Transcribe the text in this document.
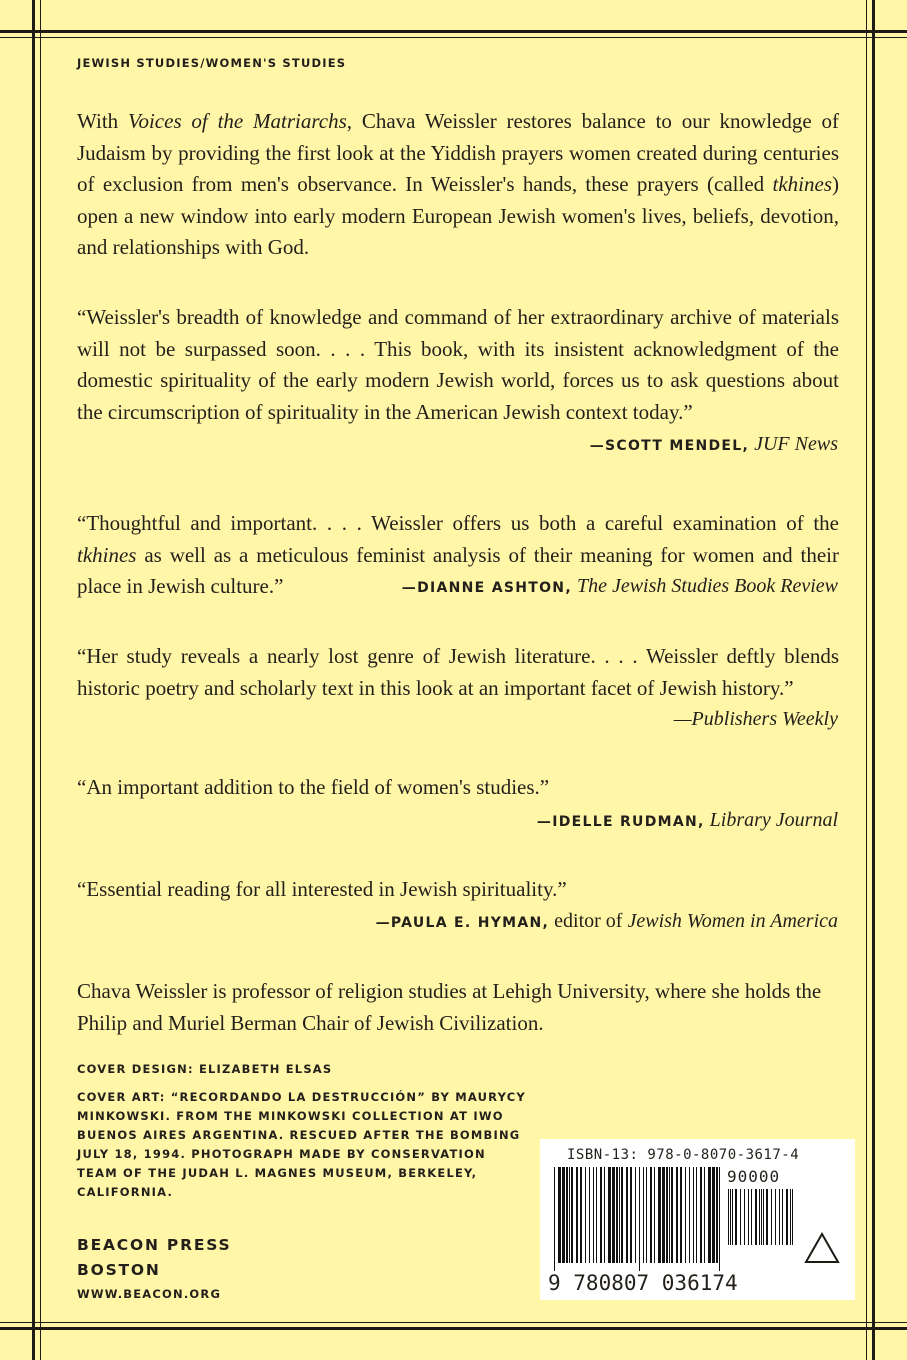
JEWISH STUDIES/WOMEN'S STUDIES

With Voices of the Matriarchs, Chava Weissler restores balance to our knowledge of Judaism by providing the first look at the Yiddish prayers women created during centuries of exclusion from men's observance. In Weissler's hands, these prayers (called tkhines) open a new window into early modern European Jewish women's lives, beliefs, devotion, and relationships with God.

“Weissler's breadth of knowledge and command of her extraordinary archive of materials will not be surpassed soon. . . . This book, with its insistent acknowledgment of the domestic spirituality of the early modern Jewish world, forces us to ask questions about the circumscription of spirituality in the American Jewish context today.”

—SCOTT MENDEL, JUF News

“Thoughtful and important. . . . Weissler offers us both a careful examination of the tkhines as well as a meticulous feminist analysis of their meaning for women and their place in Jewish culture.”	—DIANNE ASHTON, The Jewish Studies Book Review

“Her study reveals a nearly lost genre of Jewish literature. . . . Weissler deftly blends historic poetry and scholarly text in this look at an important facet of Jewish history.”

—Publishers Weekly

“An important addition to the field of women's studies.”

—IDELLE RUDMAN, Library Journal

“Essential reading for all interested in Jewish spirituality.”

—PAULA E. HYMAN, editor of Jewish Women in America

Chava Weissler is professor of religion studies at Lehigh University, where she holds the Philip and Muriel Berman Chair of Jewish Civilization.

COVER DESIGN: ELIZABETH ELSAS
COVER ART: “RECORDANDO LA DESTRUCCIÓN” BY MAURYCY MINKOWSKI. FROM THE MINKOWSKI COLLECTION AT IWO BUENOS AIRES ARGENTINA. RESCUED AFTER THE BOMBING JULY 18, 1994. PHOTOGRAPH MADE BY CONSERVATION TEAM OF THE JUDAH L. MAGNES MUSEUM, BERKELEY, CALIFORNIA.
BEACON PRESS
BOSTON
WWW.BEACON.ORG
ISBN-13: 978-0-8070-3617-4
90000
9 780807 036174
